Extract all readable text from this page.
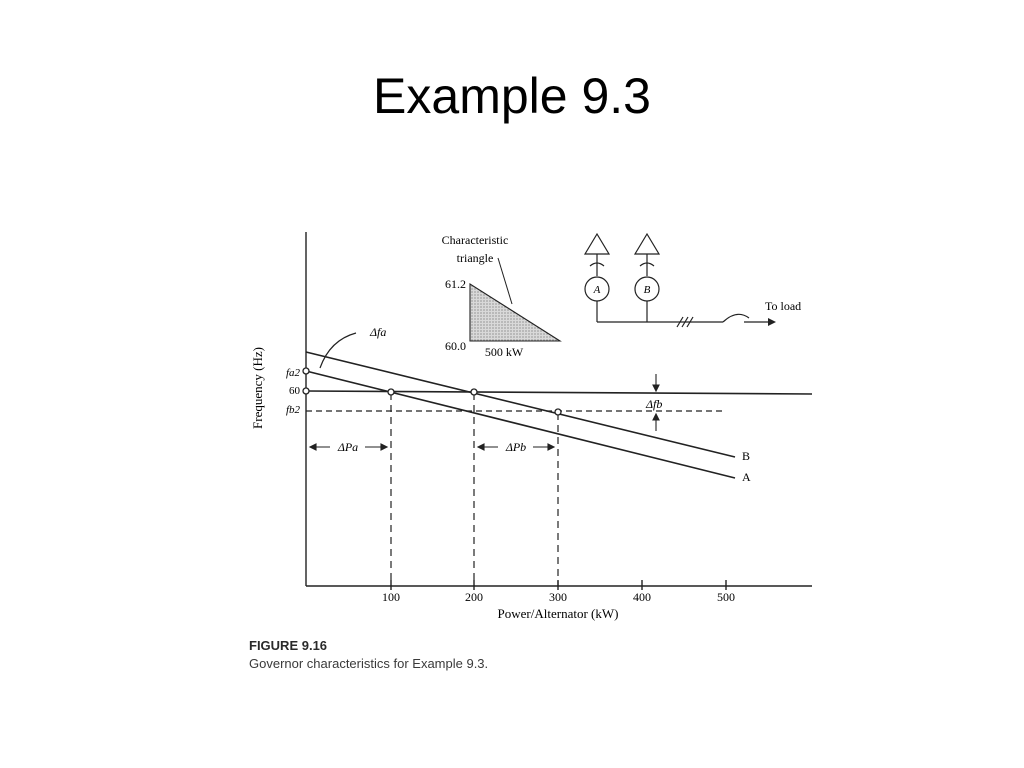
Example 9.3
Frequency (Hz)
Power/Alternator (kW)
100	200	300	400	500
fa2
60
fb2
Δfa
ΔPa	ΔPb
Δfb
B
A
Characteristic
triangle
61.2
60.0 500 kW
A	B
To load
FIGURE 9.16
Governor characteristics for Example 9.3.
